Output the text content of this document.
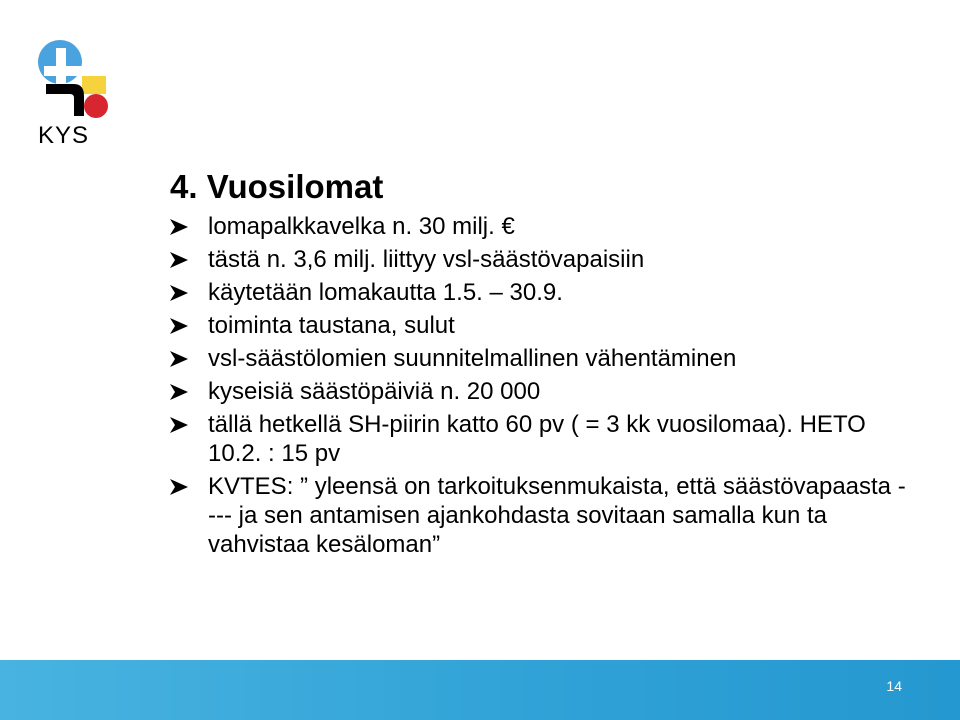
KYS
4. Vuosilomat
lomapalkkavelka n. 30 milj. €
tästä n. 3,6 milj. liittyy vsl-säästövapaisiin
käytetään lomakautta 1.5. – 30.9.
toiminta taustana, sulut
vsl-säästölomien suunnitelmallinen vähentäminen
kyseisiä säästöpäiviä n. 20 000
tällä hetkellä SH-piirin katto 60 pv ( = 3 kk vuosilomaa). HETO 10.2. : 15 pv
KVTES: ” yleensä on tarkoituksenmukaista, että säästövapaasta ---- ja sen antamisen ajankohdasta sovitaan samalla kun ta vahvistaa kesäloman”
14
